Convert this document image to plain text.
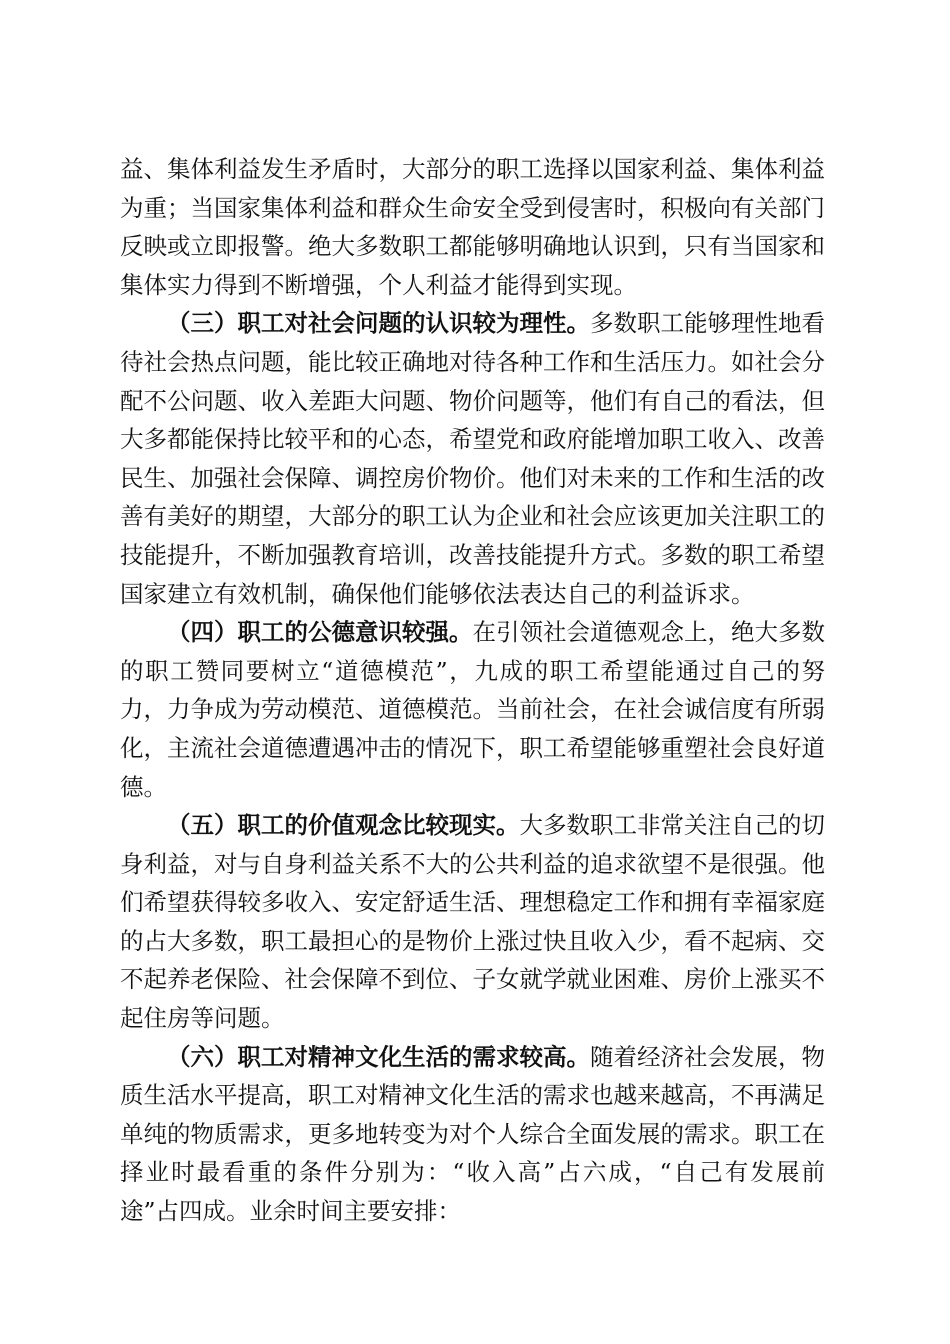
益、集体利益发生矛盾时，大部分的职工选择以国家利益、集体利益为重；当国家集体利益和群众生命安全受到侵害时，积极向有关部门反映或立即报警。绝大多数职工都能够明确地认识到，只有当国家和集体实力得到不断增强，个人利益才能得到实现。

（三）职工对社会问题的认识较为理性。多数职工能够理性地看待社会热点问题，能比较正确地对待各种工作和生活压力。如社会分配不公问题、收入差距大问题、物价问题等，他们有自己的看法，但大多都能保持比较平和的心态，希望党和政府能增加职工收入、改善民生、加强社会保障、调控房价物价。他们对未来的工作和生活的改善有美好的期望，大部分的职工认为企业和社会应该更加关注职工的技能提升，不断加强教育培训，改善技能提升方式。多数的职工希望国家建立有效机制，确保他们能够依法表达自己的利益诉求。

（四）职工的公德意识较强。在引领社会道德观念上，绝大多数的职工赞同要树立“道德模范”，九成的职工希望能通过自己的努力，力争成为劳动模范、道德模范。当前社会，在社会诚信度有所弱化，主流社会道德遭遇冲击的情况下，职工希望能够重塑社会良好道德。

（五）职工的价值观念比较现实。大多数职工非常关注自己的切身利益，对与自身利益关系不大的公共利益的追求欲望不是很强。他们希望获得较多收入、安定舒适生活、理想稳定工作和拥有幸福家庭的占大多数，职工最担心的是物价上涨过快且收入少，看不起病、交不起养老保险、社会保障不到位、子女就学就业困难、房价上涨买不起住房等问题。

（六）职工对精神文化生活的需求较高。随着经济社会发展，物质生活水平提高，职工对精神文化生活的需求也越来越高，不再满足单纯的物质需求，更多地转变为对个人综合全面发展的需求。职工在择业时最看重的条件分别为：“收入高”占六成，“自己有发展前途”占四成。业余时间主要安排：
